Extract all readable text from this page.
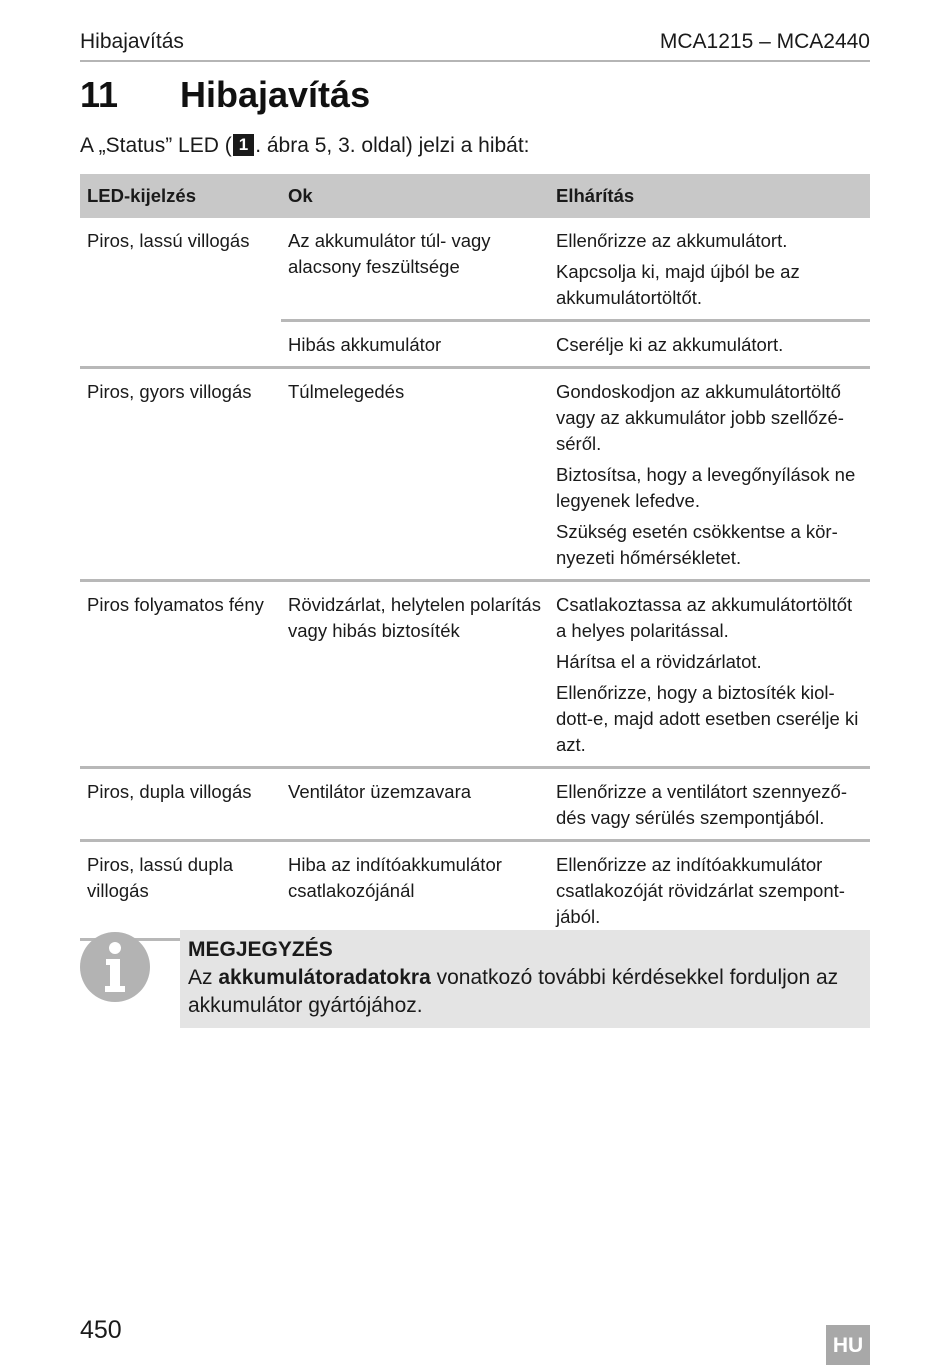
Hibajavítás	MCA1215 – MCA2440
11 Hibajavítás
A „Status” LED ( 1 . ábra 5, 3. oldal) jelzi a hibát:
LED-kijelzés	Ok	Elhárítás
Piros, lassú villogás	Az akkumulátor túl- vagy alacsony feszültsége	Ellenőrizze az akkumulátort.

Kapcsolja ki, majd újból be az akkumulátortöltőt.

	Hibás akkumulátor	Cserélje ki az akkumulátort.

Piros, gyors villogás	Túlmelegedés	Gondoskodjon az akkumulátortöltő vagy az akkumulátor jobb szellőzé-séről.

Biztosítsa, hogy a levegőnyílások ne legyenek lefedve.

Szükség esetén csökkentse a kör-nyezeti hőmérsékletet.

Piros folyamatos fény	Rövidzárlat, helytelen polarítás vagy hibás biztosíték	Csatlakoztassa az akkumulátortöltőt a helyes polaritással.

Hárítsa el a rövidzárlatot.

Ellenőrizze, hogy a biztosíték kiol-dott-e, majd adott esetben cserélje ki azt.

Piros, dupla villogás	Ventilátor üzemzavara	Ellenőrizze a ventilátort szennyező-dés vagy sérülés szempontjából.

Piros, lassú dupla villogás	Hiba az indítóakkumulátor csatlakozójánál	Ellenőrizze az indítóakkumulátor csatlakozóját rövidzárlat szempont-jából.

MEGJEGYZÉS
Az akkumulátoradatokra vonatkozó további kérdésekkel forduljon az akkumulátor gyártójához.
450
HU
